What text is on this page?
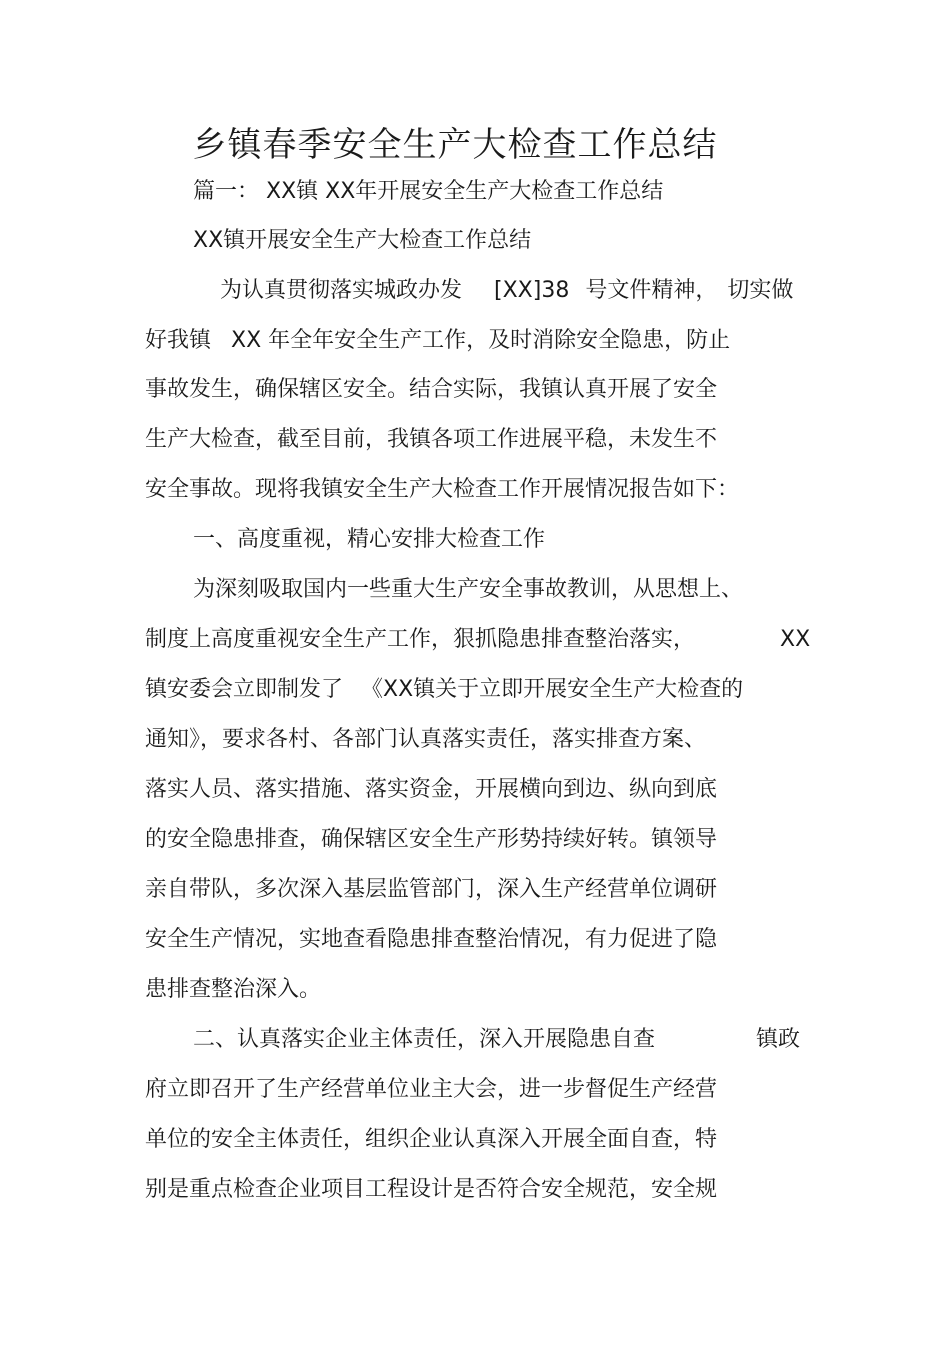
乡镇春季安全生产大检查工作总结
篇一： XX镇 XX年开展安全生产大检查工作总结
XX镇开展安全生产大检查工作总结
为认真贯彻落实城政办发 [XX]38 号文件精神， 切实做
好我镇 XX 年全年安全生产工作，及时消除安全隐患，防止
事故发生，确保辖区安全。结合实际，我镇认真开展了安全
生产大检查，截至目前，我镇各项工作进展平稳，未发生不
安全事故。现将我镇安全生产大检查工作开展情况报告如下：
一、高度重视，精心安排大检查工作
为深刻吸取国内一些重大生产安全事故教训，从思想上、
制度上高度重视安全生产工作，狠抓隐患排查整治落实，	XX
镇安委会立即制发了 《XX镇关于立即开展安全生产大检查的
通知》，要求各村、各部门认真落实责任，落实排查方案、
落实人员、落实措施、落实资金，开展横向到边、纵向到底
的安全隐患排查，确保辖区安全生产形势持续好转。镇领导
亲自带队，多次深入基层监管部门，深入生产经营单位调研
安全生产情况，实地查看隐患排查整治情况，有力促进了隐
患排查整治深入。
二、认真落实企业主体责任，深入开展隐患自查	镇政
府立即召开了生产经营单位业主大会，进一步督促生产经营
单位的安全主体责任，组织企业认真深入开展全面自查，特
别是重点检查企业项目工程设计是否符合安全规范，安全规
